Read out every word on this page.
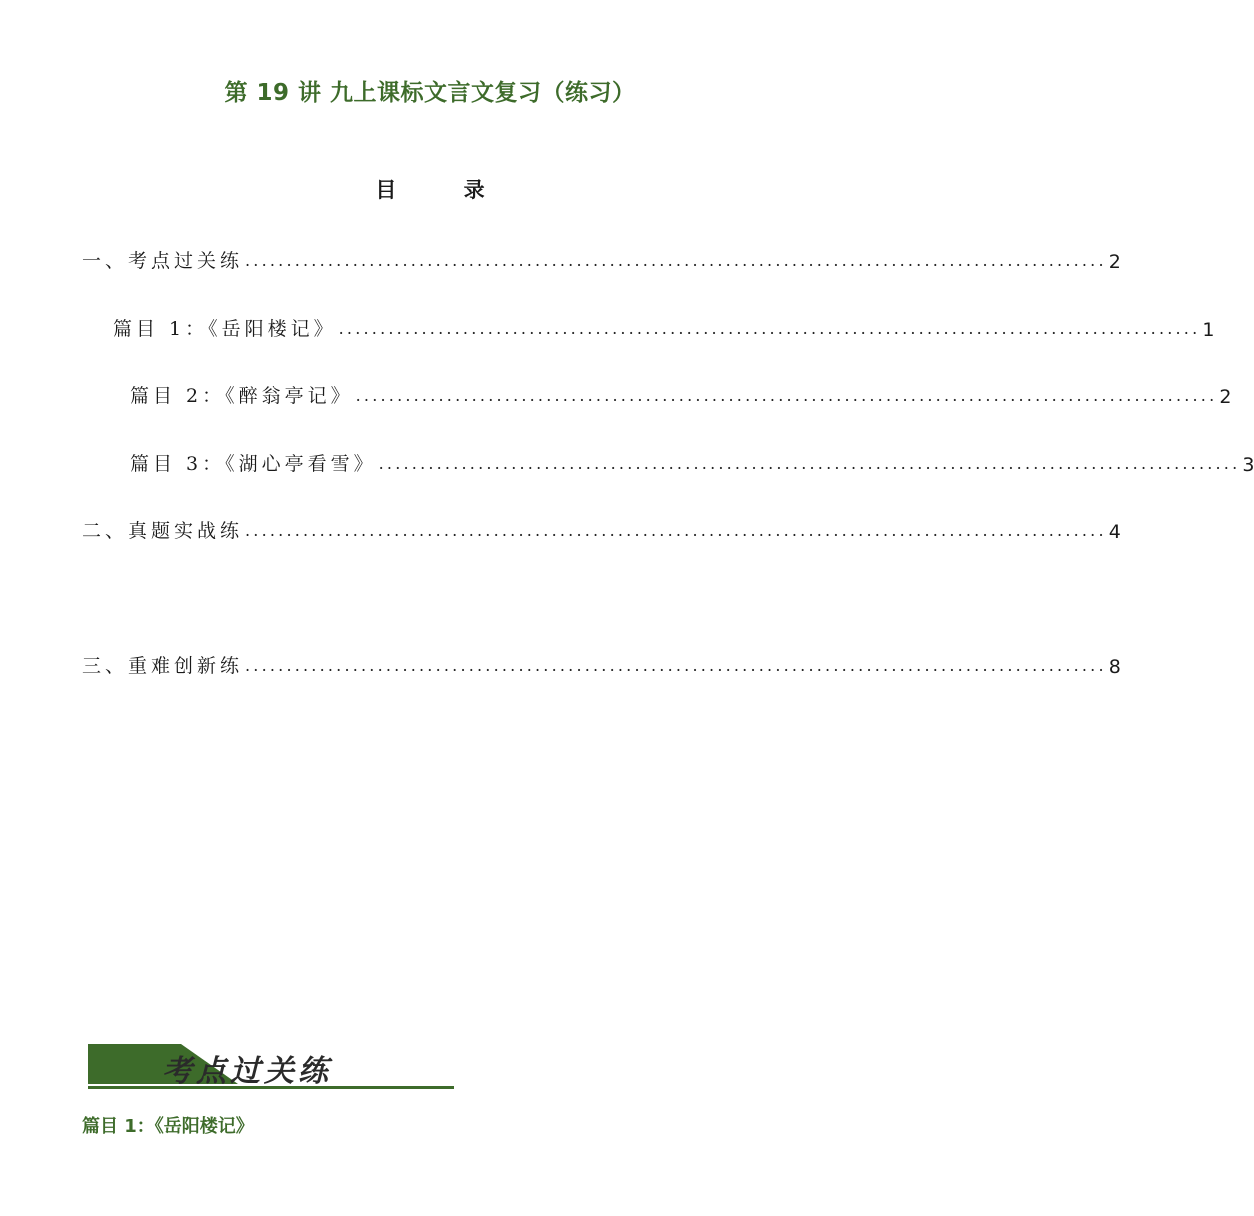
第 19 讲 九上课标文言文复习（练习）
目 录
一、考点过关练 ........................................................................................................ 2
篇目 1：《岳阳楼记》 ........................................................................................................ 1
篇目 2：《醉翁亭记》 ........................................................................................................ 2
篇目 3：《湖心亭看雪》 ........................................................................................................ 3
二、真题实战练 ........................................................................................................ 4
三、重难创新练 ........................................................................................................ 8
考点过关练
篇目 1：《岳阳楼记》
